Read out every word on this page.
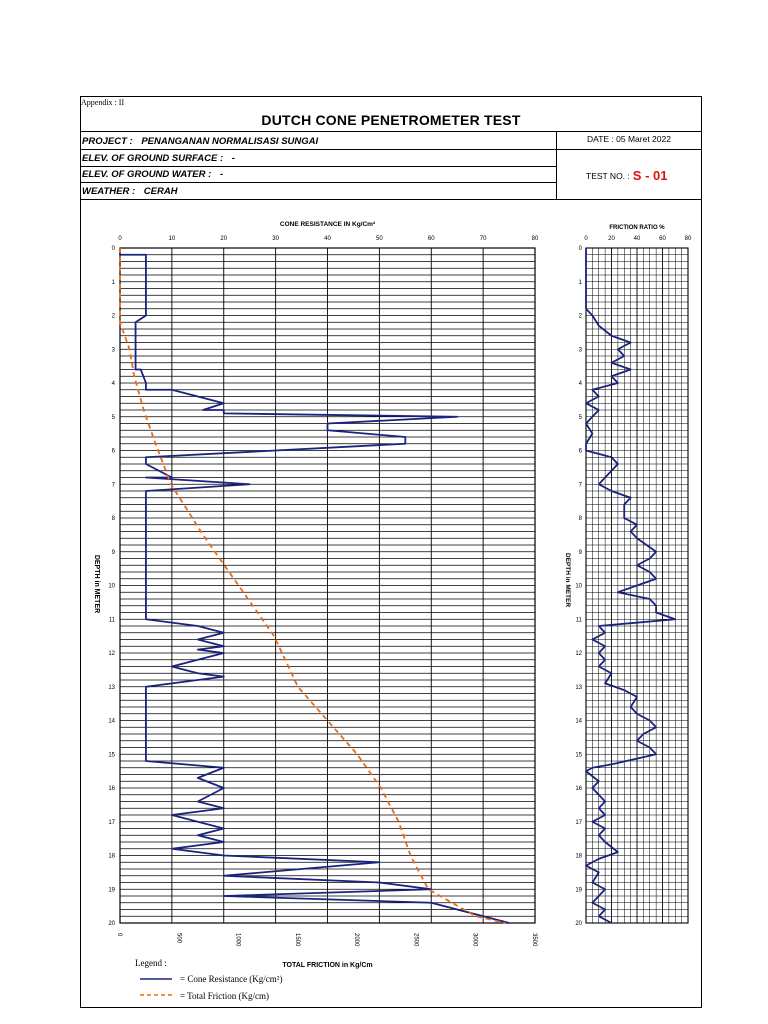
Appendix : II
DUTCH CONE PENETROMETER TEST
PROJECT : PENANGANAN NORMALISASI SUNGAI
ELEV. OF GROUND SURFACE : -
ELEV. OF GROUND WATER : -
WEATHER : CERAH
DATE : 05 Maret 2022
TEST NO. : S - 01
0	10	20	30	40	50	60	70	80
0
1
2
3
4
5
6
7
8
9
10
11
12
13
14
15
16
17
18
19
20
0	500	1000	1500	2000	2500	3000	3500
CONE RESISTANCE IN Kg/Cm²
TOTAL FRICTION in Kg/Cm
DEPTH in METER
0	20	40	60	80
0
1
2
3
4
5
6
7
8
9
10
11
12
13
14
15
16
17
18
19
20
FRICTION RATIO %
DEPTH in METER
Legend :
= Cone Resistance (Kg/cm²)
= Total Friction (Kg/cm)
